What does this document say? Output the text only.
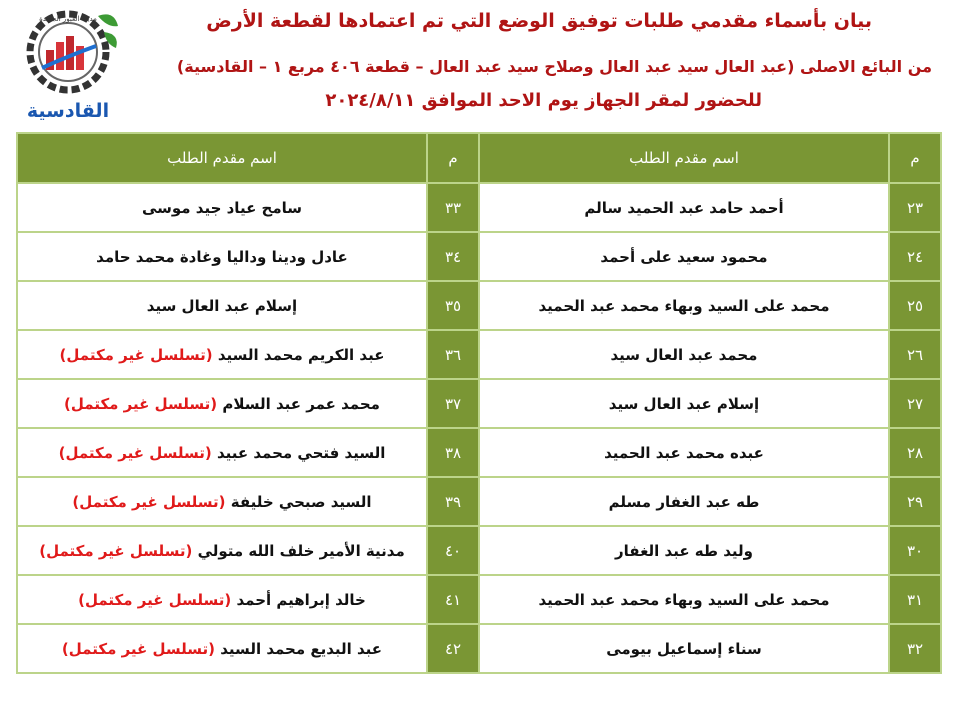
مدينة العبور الجديدة
القادسية
بيان بأسماء مقدمي طلبات توفيق الوضع التي تم اعتمادها لقطعة الأرض
من البائع الاصلى (عبد العال سيد عبد العال وصلاح سيد عبد العال – قطعة ٤٠٦ مربع ١ – القادسية)
للحضور لمقر الجهاز يوم الاحد الموافق ٢٠٢٤/٨/١١
م	اسم مقدم الطلب	م	اسم مقدم الطلب
٢٣	أحمد حامد عبد الحميد سالم	٣٣	سامح عياد جيد موسى
٢٤	محمود سعيد على أحمد	٣٤	عادل ودينا وداليا وغادة محمد حامد
٢٥	محمد على السيد وبهاء محمد عبد الحميد	٣٥	إسلام عبد العال سيد
٢٦	محمد عبد العال سيد	٣٦	عبد الكريم محمد السيد (تسلسل غير مكتمل)
٢٧	إسلام عبد العال سيد	٣٧	محمد عمر عبد السلام (تسلسل غير مكتمل)
٢٨	عبده محمد عبد الحميد	٣٨	السيد فتحي محمد عبيد (تسلسل غير مكتمل)
٢٩	طه عبد الغفار مسلم	٣٩	السيد صبحي خليفة (تسلسل غير مكتمل)
٣٠	وليد طه عبد الغفار	٤٠	مدنية الأمير خلف الله متولي (تسلسل غير مكتمل)
٣١	محمد على السيد وبهاء محمد عبد الحميد	٤١	خالد إبراهيم أحمد (تسلسل غير مكتمل)
٣٢	سناء إسماعيل بيومى	٤٢	عبد البديع محمد السيد (تسلسل غير مكتمل)
